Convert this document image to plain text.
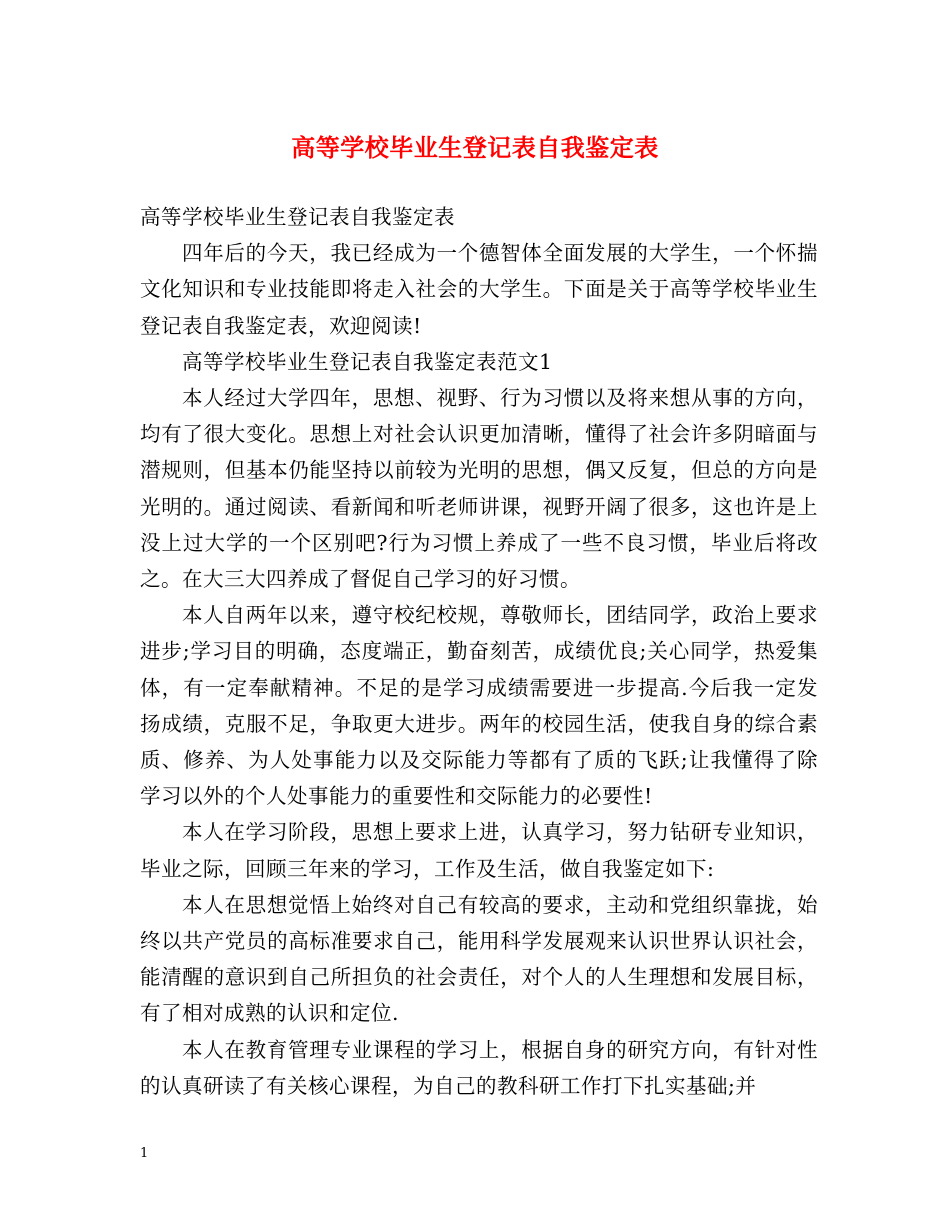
高等学校毕业生登记表自我鉴定表

高等学校毕业生登记表自我鉴定表

四年后的今天，我已经成为一个德智体全面发展的大学生，一个怀揣文化知识和专业技能即将走入社会的大学生。下面是关于高等学校毕业生登记表自我鉴定表，欢迎阅读!

高等学校毕业生登记表自我鉴定表范文1

本人经过大学四年，思想、视野、行为习惯以及将来想从事的方向，均有了很大变化。思想上对社会认识更加清晰，懂得了社会许多阴暗面与潜规则，但基本仍能坚持以前较为光明的思想，偶又反复，但总的方向是光明的。通过阅读、看新闻和听老师讲课，视野开阔了很多，这也许是上没上过大学的一个区别吧?行为习惯上养成了一些不良习惯，毕业后将改之。在大三大四养成了督促自己学习的好习惯。

本人自两年以来，遵守校纪校规，尊敬师长，团结同学，政治上要求进步;学习目的明确，态度端正，勤奋刻苦，成绩优良;关心同学，热爱集体，有一定奉献精神。不足的是学习成绩需要进一步提高.今后我一定发扬成绩，克服不足，争取更大进步。两年的校园生活，使我自身的综合素质、修养、为人处事能力以及交际能力等都有了质的飞跃;让我懂得了除学习以外的个人处事能力的重要性和交际能力的必要性!

本人在学习阶段，思想上要求上进，认真学习，努力钻研专业知识，毕业之际，回顾三年来的学习，工作及生活，做自我鉴定如下:

本人在思想觉悟上始终对自己有较高的要求，主动和党组织靠拢，始终以共产党员的高标准要求自己，能用科学发展观来认识世界认识社会，能清醒的意识到自己所担负的社会责任，对个人的人生理想和发展目标，有了相对成熟的认识和定位.

本人在教育管理专业课程的学习上，根据自身的研究方向，有针对性的认真研读了有关核心课程，为自己的教科研工作打下扎实基础;并

1
